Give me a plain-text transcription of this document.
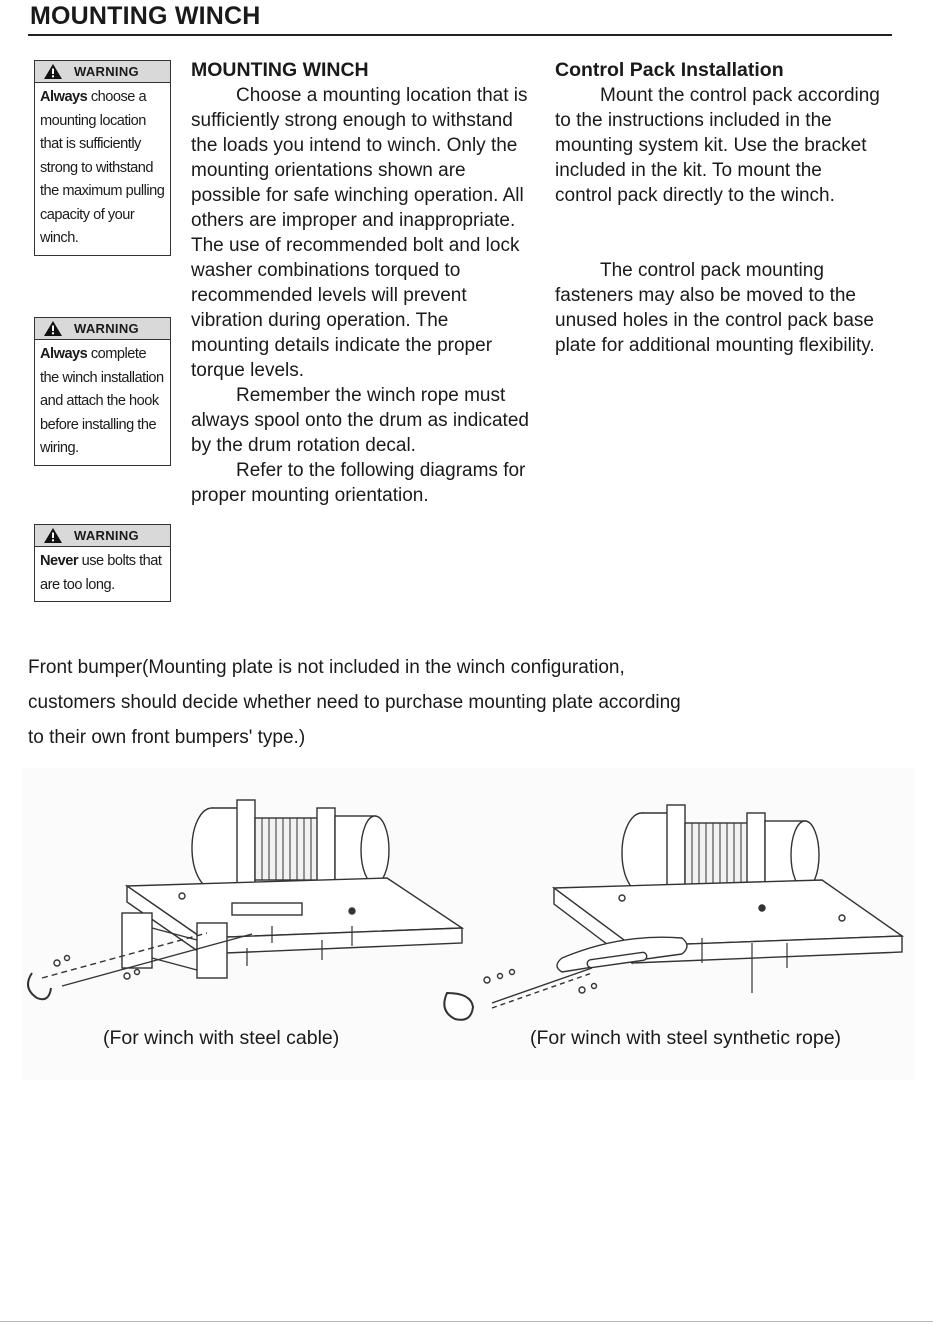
MOUNTING WINCH
WARNING
Always choose a mounting location that is sufficiently strong to withstand the maximum pulling capacity of your winch.
WARNING
Always complete the winch installation and attach the hook before installing the wiring.
WARNING
Never use bolts that are too long.
MOUNTING WINCH

Choose a mounting location that is sufficiently strong enough to withstand the loads you intend to winch. Only the mounting orientations shown are possible for safe winching operation. All others are improper and inappropriate.

The use of recommended bolt and lock washer combinations torqued to recommended levels will prevent vibration during operation. The mounting details indicate the proper torque levels.

Remember the winch rope must always spool onto the drum as indicated by the drum rotation decal.

Refer to the following diagrams for proper mounting orientation.

Control Pack Installation

Mount the control pack according to the instructions included in the mounting system kit. Use the bracket included in the kit. To mount the control pack directly to the winch.

The control pack mounting fasteners may also be moved to the unused holes in the control pack base plate for additional mounting flexibility.

Front bumper(Mounting plate is not included in the winch configuration,
customers should decide whether need to purchase mounting plate according
to their own front bumpers' type.)
(For winch with steel cable)	(For winch with steel synthetic rope)
